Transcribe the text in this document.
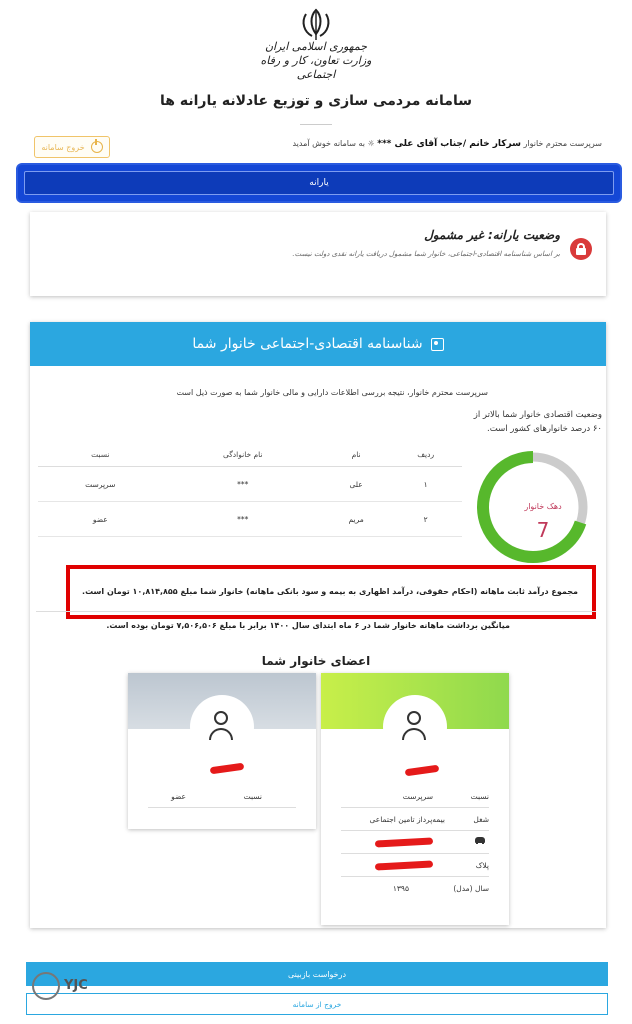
جمهوری اسلامی ایران
وزارت تعاون، کار و رفاه اجتماعی
سامانه مردمی سازی و توزیع عادلانه یارانه ها
سرپرست محترم خانوار سرکار خانم /جناب آقای علی *** ☼ به سامانه خوش آمدید
خروج سامانه
یارانه
وضعیت یارانه: غیر مشمول
بر اساس شناسنامه اقتصادی-اجتماعی، خانوار شما مشمول دریافت یارانه نقدی دولت نیست.
شناسنامه اقتصادی-اجتماعی خانوار شما
سرپرست محترم خانوار، نتیجه بررسی اطلاعات دارایی و مالی خانوار شما به صورت ذیل است
وضعیت اقتصادی خانوار شما بالاتر از ۶۰ درصد خانوارهای کشور است.
دهک خانوار
7
ردیف	نام	نام خانوادگی	نسبت
۱	علی	***	سرپرست
۲	مریم	***	عضو
مجموع درآمد ثابت ماهانه (احکام حقوقی، درآمد اظهاری به بیمه و سود بانکی ماهانه) خانوار شما مبلغ ۱۰,۸۱۴,۸۵۵ تومان است.
میانگین برداشت ماهانه خانوار شما در ۶ ماه ابتدای سال ۱۴۰۰ برابر با مبلغ ۷,۵۰۶,۵۰۶ تومان بوده است.
اعضای خانوار شما
نسبت
سرپرست
شغل
بیمه‌پرداز تامین اجتماعی
پلاک
سال (مدل)
۱۳۹۵
نسبت
عضو
درخواست بازبینی
خروج از سامانه
YJC
